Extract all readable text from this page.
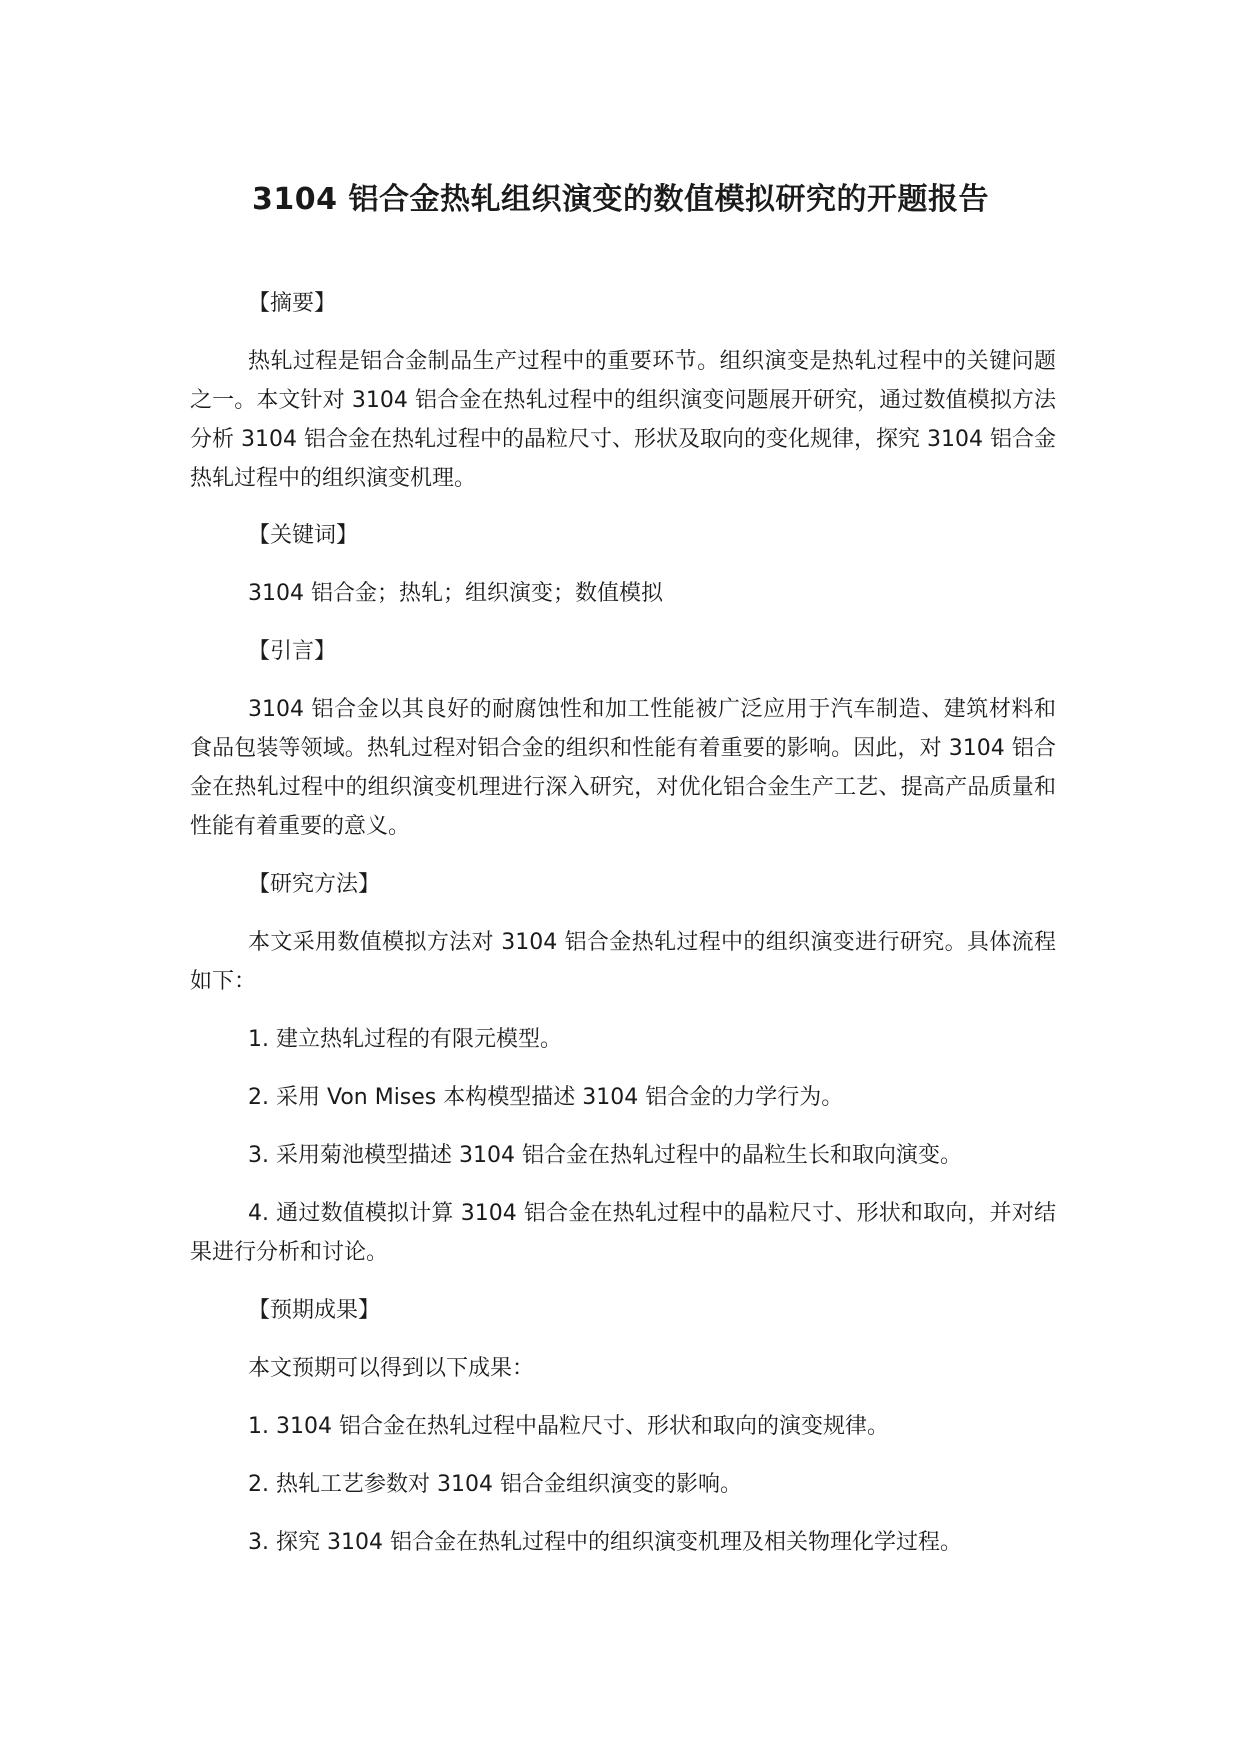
3104 铝合金热轧组织演变的数值模拟研究的开题报告

【摘要】

热轧过程是铝合金制品生产过程中的重要环节。组织演变是热轧过程中的关键问题之一。本文针对 3104 铝合金在热轧过程中的组织演变问题展开研究，通过数值模拟方法分析 3104 铝合金在热轧过程中的晶粒尺寸、形状及取向的变化规律，探究 3104 铝合金热轧过程中的组织演变机理。

【关键词】

3104 铝合金；热轧；组织演变；数值模拟

【引言】

3104 铝合金以其良好的耐腐蚀性和加工性能被广泛应用于汽车制造、建筑材料和食品包装等领域。热轧过程对铝合金的组织和性能有着重要的影响。因此，对 3104 铝合金在热轧过程中的组织演变机理进行深入研究，对优化铝合金生产工艺、提高产品质量和性能有着重要的意义。

【研究方法】

本文采用数值模拟方法对 3104 铝合金热轧过程中的组织演变进行研究。具体流程如下：

1. 建立热轧过程的有限元模型。

2. 采用 Von Mises 本构模型描述 3104 铝合金的力学行为。

3. 采用菊池模型描述 3104 铝合金在热轧过程中的晶粒生长和取向演变。

4. 通过数值模拟计算 3104 铝合金在热轧过程中的晶粒尺寸、形状和取向，并对结果进行分析和讨论。

【预期成果】

本文预期可以得到以下成果：

1. 3104 铝合金在热轧过程中晶粒尺寸、形状和取向的演变规律。

2. 热轧工艺参数对 3104 铝合金组织演变的影响。

3. 探究 3104 铝合金在热轧过程中的组织演变机理及相关物理化学过程。
